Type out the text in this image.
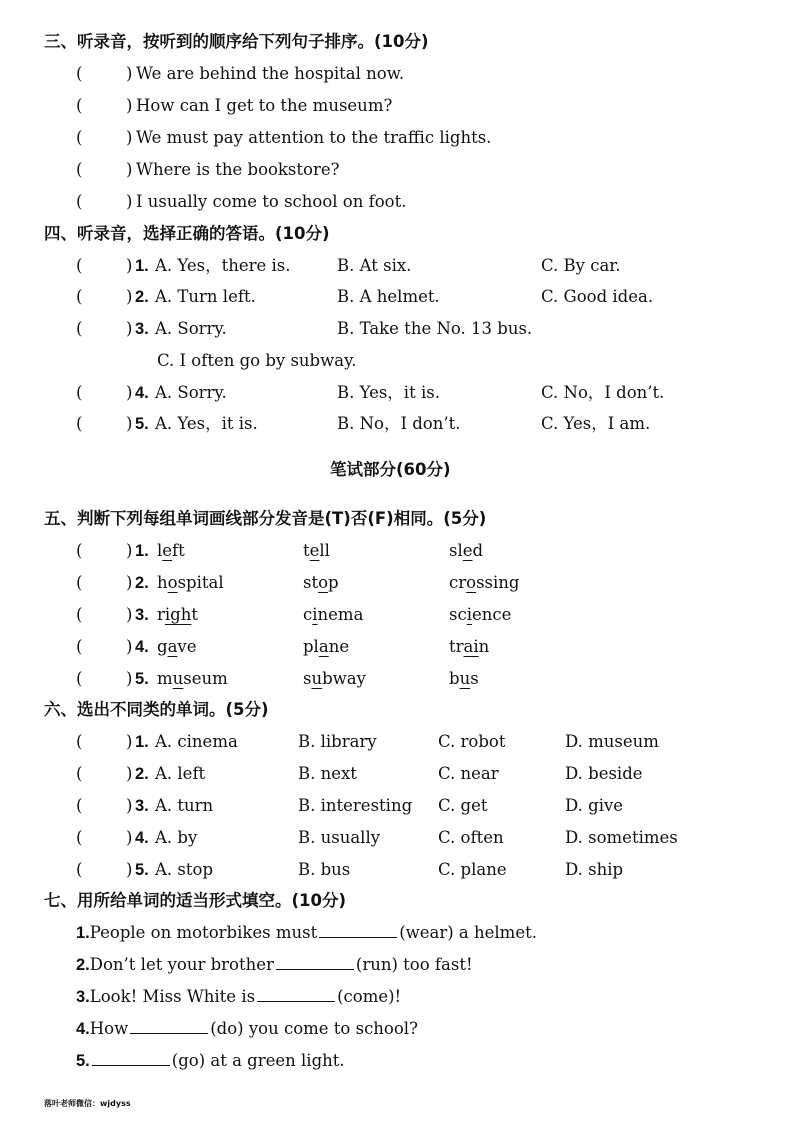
三、听录音，按听到的顺序给下列句子排序。(10分)
(	) We are behind the hospital now.
(	) How can I get to the museum?
(	) We must pay attention to the traffic lights.
(	) Where is the bookstore?
(	) I usually come to school on foot.
四、听录音，选择正确的答语。(10分)
(	) 1. A. Yes，there is.	B. At six.	C. By car.
(	) 2. A. Turn left.	B. A helmet.	C. Good idea.
(	) 3. A. Sorry.	B. Take the No. 13 bus.
C. I often go by subway.
(	) 4. A. Sorry.	B. Yes，it is.	C. No，I don’t.
(	) 5. A. Yes，it is.	B. No，I don’t.	C. Yes，I am.
笔试部分(60分)
五、判断下列每组单词画线部分发音是(T)否(F)相同。(5分)
(	) 1. left	tell	sled
(	) 2. hospital	stop	crossing
(	) 3. right	cinema	science
(	) 4. gave	plane	train
(	) 5. museum	subway	bus
六、选出不同类的单词。(5分)
(	) 1. A. cinema	B. library	C. robot	D. museum
(	) 2. A. left	B. next	C. near	D. beside
(	) 3. A. turn	B. interesting C. get	D. give
(	) 4. A. by	B. usually	C. often	D. sometimes
(	) 5. A. stop	B. bus	C. plane	D. ship
七、用所给单词的适当形式填空。(10分)
1.People on motorbikes must	(wear) a helmet.
2.Don’t let your brother	(run) too fast!
3.Look! Miss White is	(come)!
4.How	(do) you come to school?
5.	(go) at a green light.
落叶老师微信：wjdyss
